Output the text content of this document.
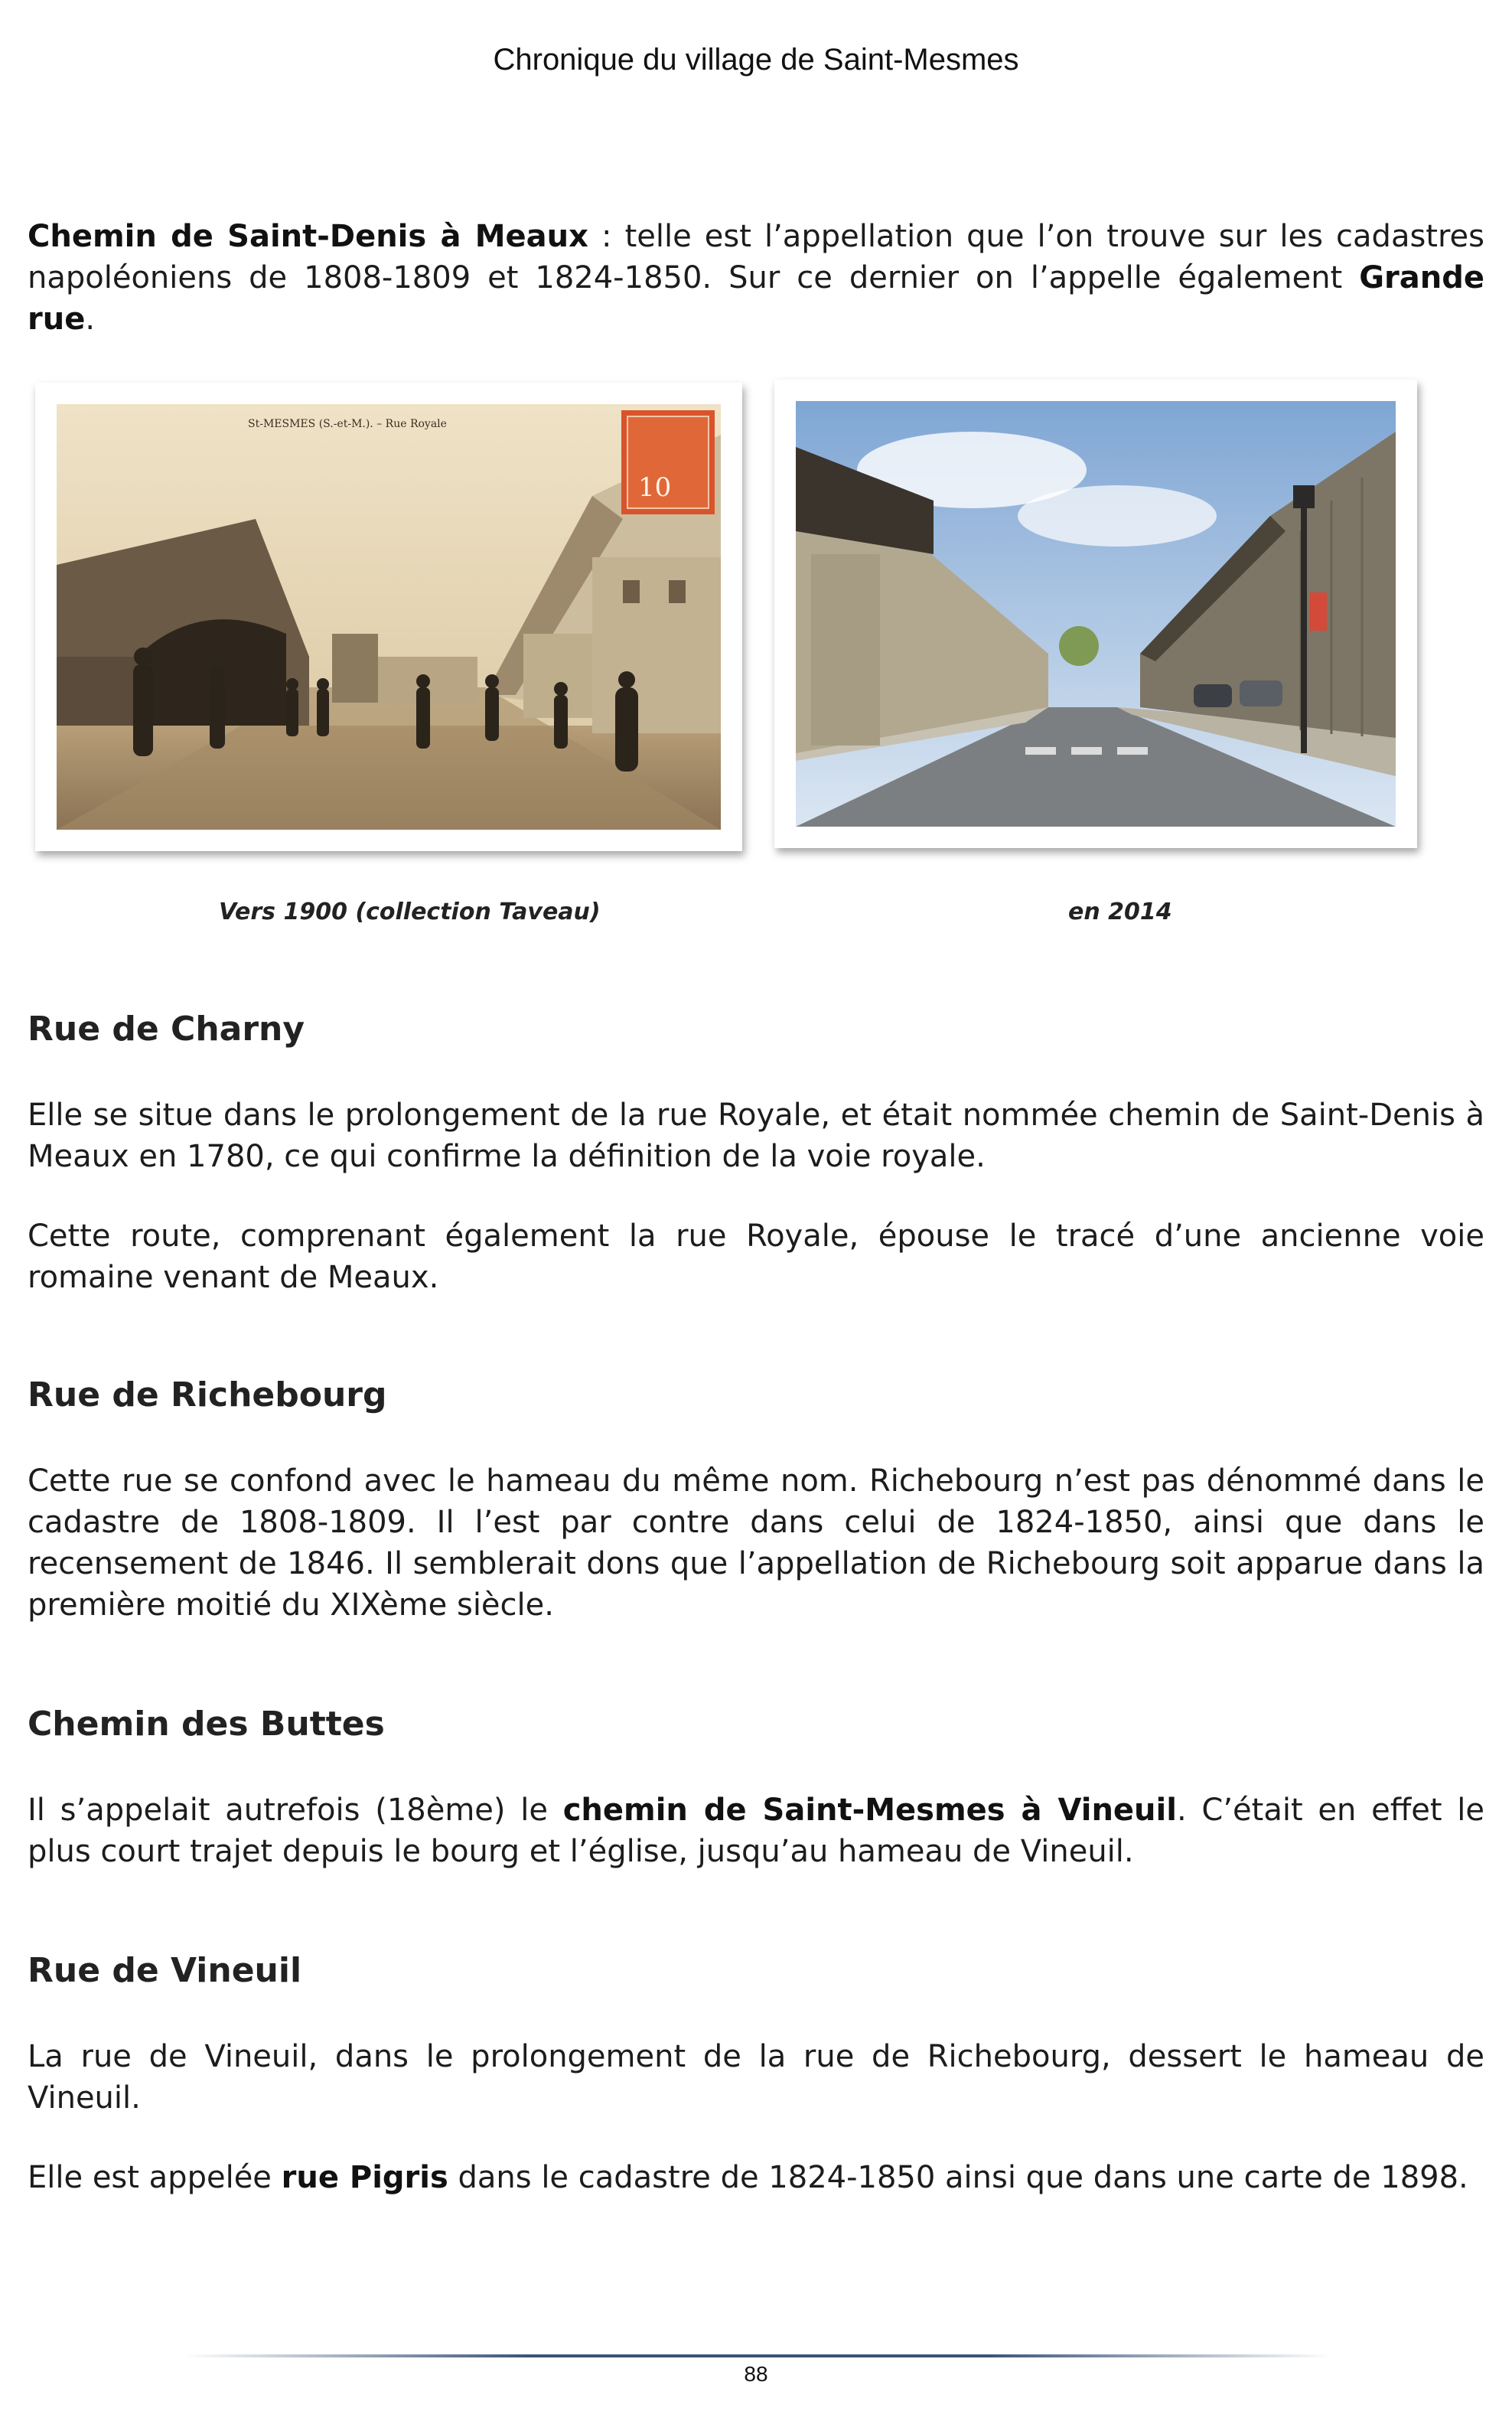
Chronique du village de Saint-Mesmes

Chemin de Saint-Denis à Meaux : telle est l’appellation que l’on trouve sur les cadastres napoléoniens de 1808-1809 et 1824-1850. Sur ce dernier on l’appelle également Grande rue.

Rue de Charny

Elle se situe dans le prolongement de la rue Royale, et était nommée chemin de Saint-Denis à Meaux en 1780, ce qui confirme la définition de la voie royale.

Cette route, comprenant également la rue Royale, épouse le tracé d’une ancienne voie romaine venant de Meaux.

Rue de Richebourg

Cette rue se confond avec le hameau du même nom. Richebourg n’est pas dénommé dans le cadastre de 1808-1809. Il l’est par contre dans celui de 1824-1850, ainsi que dans le recensement de 1846. Il semblerait dons que l’appellation de Richebourg soit apparue dans la première moitié du XIXème siècle.

Chemin des Buttes

Il s’appelait autrefois (18ème) le chemin de Saint-Mesmes à Vineuil. C’était en effet le plus court trajet depuis le bourg et l’église, jusqu’au hameau de Vineuil.

Rue de Vineuil

La rue de Vineuil, dans le prolongement de la rue de Richebourg, dessert le hameau de Vineuil.

Elle est appelée rue Pigris dans le cadastre de 1824-1850 ainsi que dans une carte de 1898.

10
St-MESMES (S.-et-M.). – Rue Royale
Vers 1900 (collection Taveau)	en 2014
88
